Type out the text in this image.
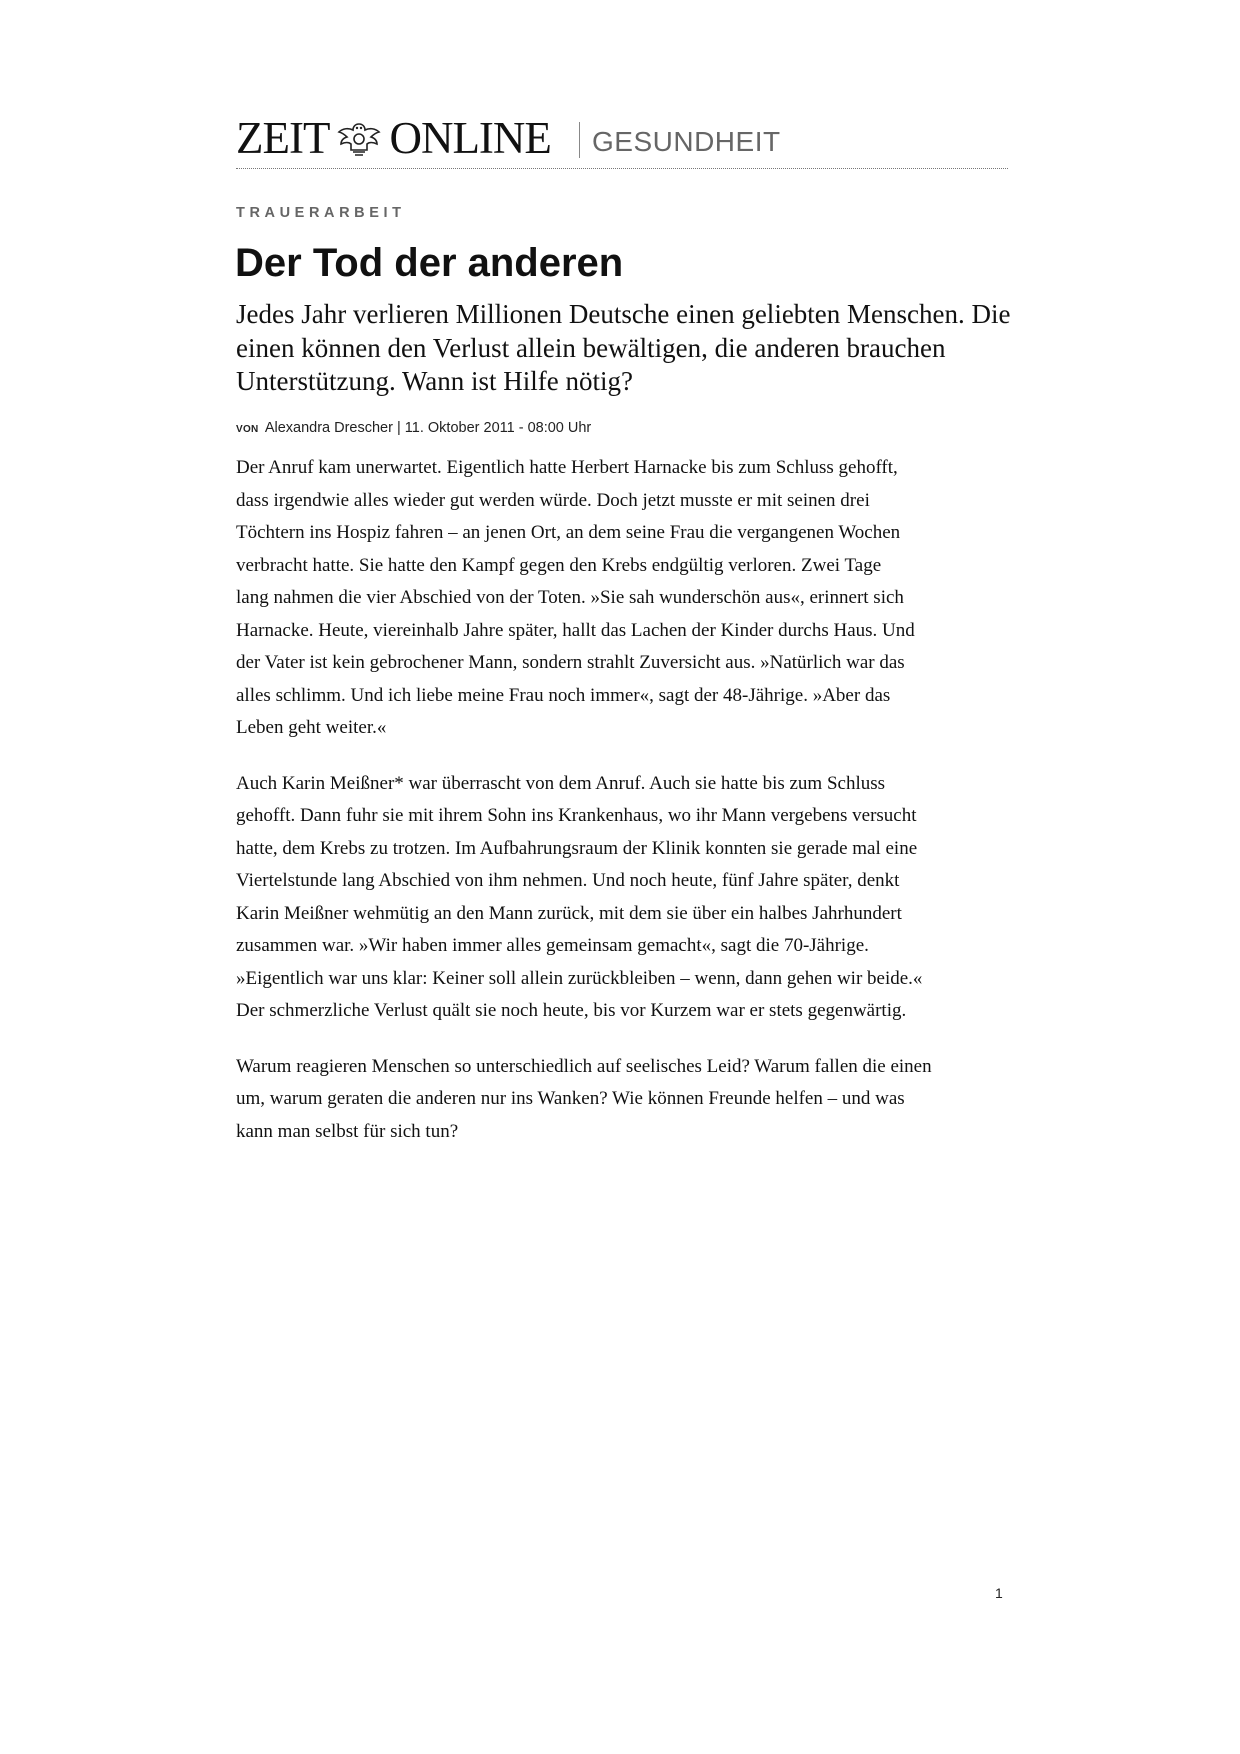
ZEIT ONLINE GESUNDHEIT
TRAUERARBEIT
Der Tod der anderen

Jedes Jahr verlieren Millionen Deutsche einen geliebten Menschen. Die einen können den Verlust allein bewältigen, die anderen brauchen Unterstützung. Wann ist Hilfe nötig?

VON Alexandra Drescher | 11. Oktober 2011 - 08:00 Uhr

Der Anruf kam unerwartet. Eigentlich hatte Herbert Harnacke bis zum Schluss gehofft,
dass irgendwie alles wieder gut werden würde. Doch jetzt musste er mit seinen drei
Töchtern ins Hospiz fahren – an jenen Ort, an dem seine Frau die vergangenen Wochen
verbracht hatte. Sie hatte den Kampf gegen den Krebs endgültig verloren. Zwei Tage
lang nahmen die vier Abschied von der Toten. »Sie sah wunderschön aus«, erinnert sich
Harnacke. Heute, viereinhalb Jahre später, hallt das Lachen der Kinder durchs Haus. Und
der Vater ist kein gebrochener Mann, sondern strahlt Zuversicht aus. »Natürlich war das
alles schlimm. Und ich liebe meine Frau noch immer«, sagt der 48-Jährige. »Aber das
Leben geht weiter.«

Auch Karin Meißner* war überrascht von dem Anruf. Auch sie hatte bis zum Schluss
gehofft. Dann fuhr sie mit ihrem Sohn ins Krankenhaus, wo ihr Mann vergebens versucht
hatte, dem Krebs zu trotzen. Im Aufbahrungsraum der Klinik konnten sie gerade mal eine
Viertelstunde lang Abschied von ihm nehmen. Und noch heute, fünf Jahre später, denkt
Karin Meißner wehmütig an den Mann zurück, mit dem sie über ein halbes Jahrhundert
zusammen war. »Wir haben immer alles gemeinsam gemacht«, sagt die 70-Jährige.
»Eigentlich war uns klar: Keiner soll allein zurückbleiben – wenn, dann gehen wir beide.«
Der schmerzliche Verlust quält sie noch heute, bis vor Kurzem war er stets gegenwärtig.

Warum reagieren Menschen so unterschiedlich auf seelisches Leid? Warum fallen die einen
um, warum geraten die anderen nur ins Wanken? Wie können Freunde helfen – und was
kann man selbst für sich tun?

1
